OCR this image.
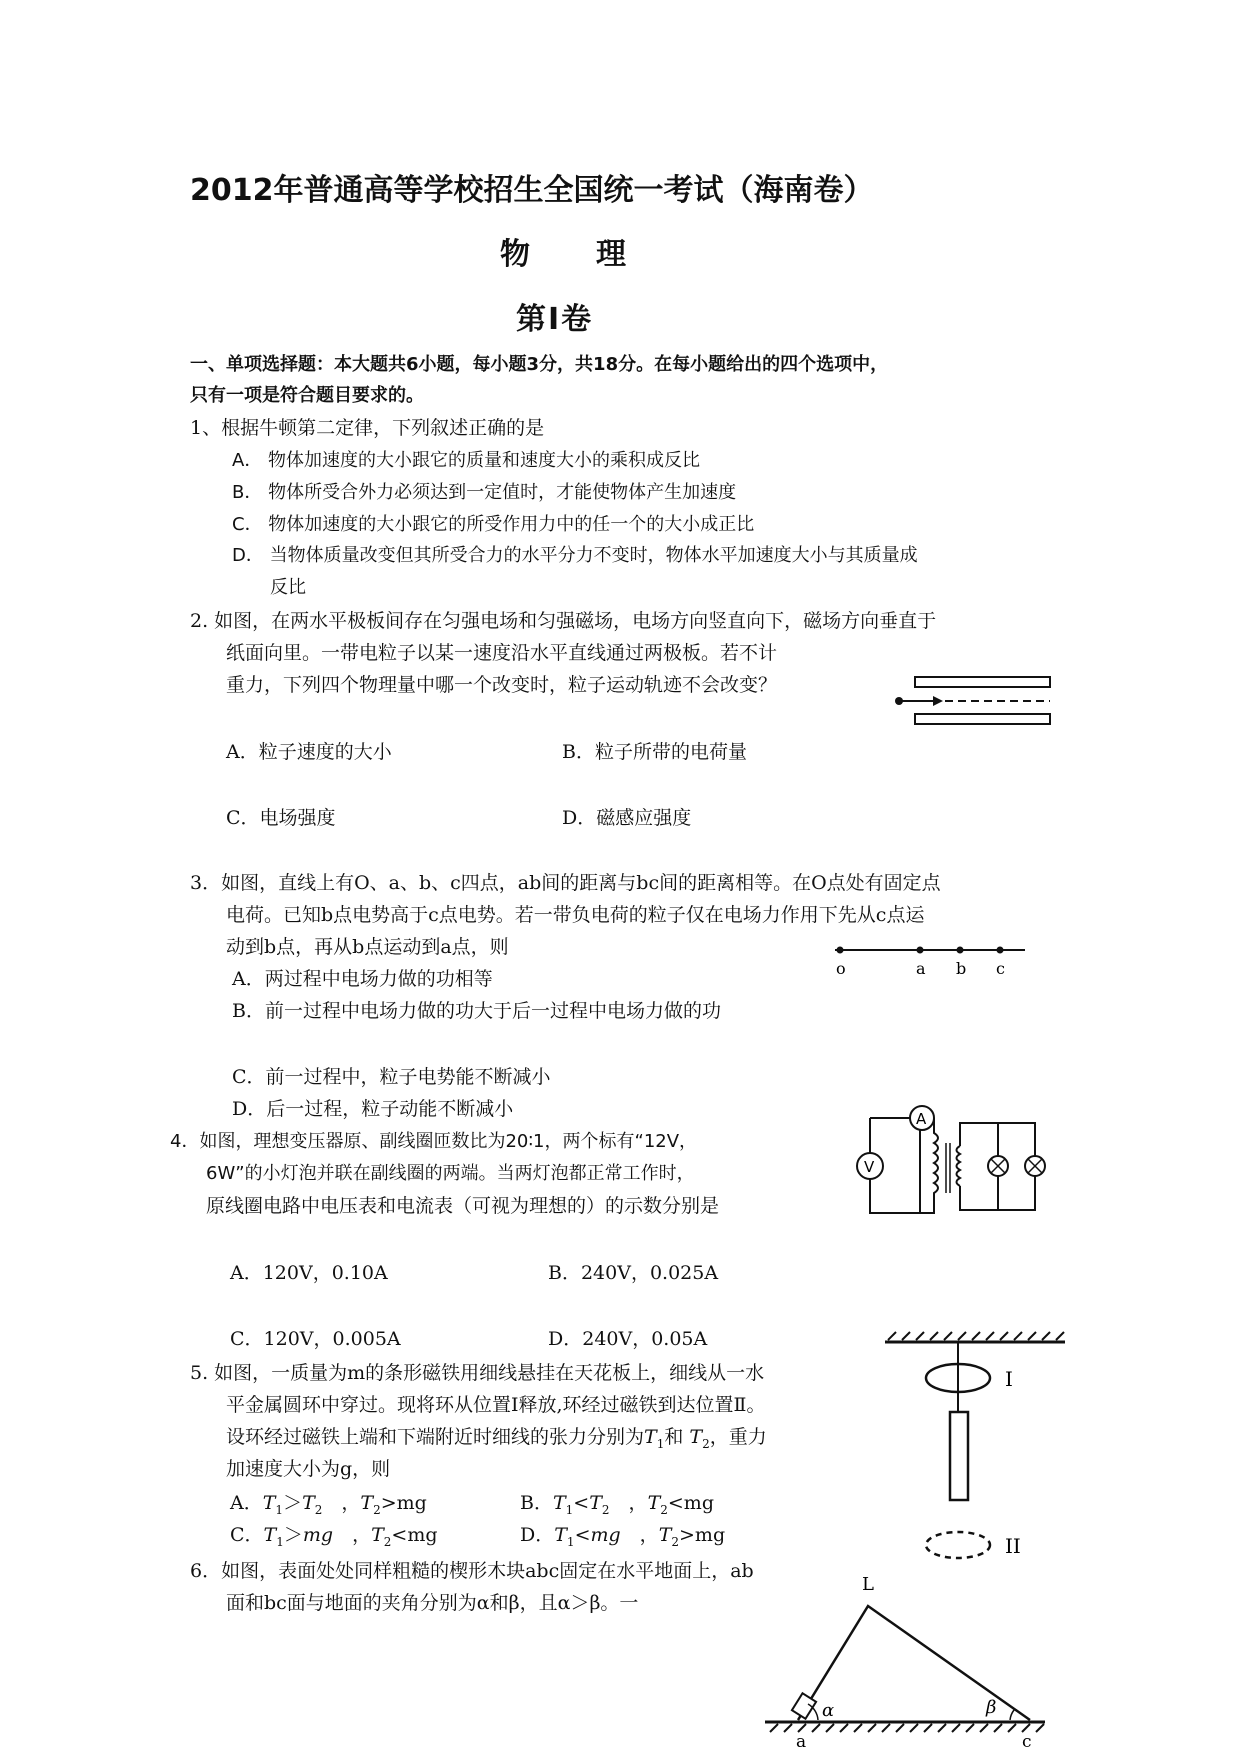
2012年普通高等学校招生全国统一考试（海南卷）
物　　理
第Ⅰ卷
一、单项选择题：本大题共6小题，每小题3分，共18分。在每小题给出的四个选项中，
只有一项是符合题目要求的。
1、根据牛顿第二定律，下列叙述正确的是
A． 物体加速度的大小跟它的质量和速度大小的乘积成反比
B． 物体所受合外力必须达到一定值时，才能使物体产生加速度
C． 物体加速度的大小跟它的所受作用力中的任一个的大小成正比
D． 当物体质量改变但其所受合力的水平分力不变时，物体水平加速度大小与其质量成
反比
2. 如图，在两水平极板间存在匀强电场和匀强磁场，电场方向竖直向下，磁场方向垂直于
纸面向里。一带电粒子以某一速度沿水平直线通过两极板。若不计
重力，下列四个物理量中哪一个改变时，粒子运动轨迹不会改变？
A．粒子速度的大小	B．粒子所带的电荷量
C．电场强度	D．磁感应强度
3．如图，直线上有O、a、b、c四点，ab间的距离与bc间的距离相等。在O点处有固定点
电荷。已知b点电势高于c点电势。若一带负电荷的粒子仅在电场力作用下先从c点运
动到b点，再从b点运动到a点，则
A．两过程中电场力做的功相等
B．前一过程中电场力做的功大于后一过程中电场力做的功
C．前一过程中，粒子电势能不断减小
D．后一过程，粒子动能不断减小
o	a b c
4．如图，理想变压器原、副线圈匝数比为20∶1，两个标有“12V，
6W”的小灯泡并联在副线圈的两端。当两灯泡都正常工作时，
原线圈电路中电压表和电流表（可视为理想的）的示数分别是
A．120V，0.10A	B．240V，0.025A
C．120V，0.005A	D．240V，0.05A
A
V
5. 如图，一质量为m的条形磁铁用细线悬挂在天花板上，细线从一水
平金属圆环中穿过。现将环从位置Ⅰ释放,环经过磁铁到达位置Ⅱ。
设环经过磁铁上端和下端附近时细线的张力分别为$T_1$和 $T_2$，重力
加速度大小为g，则
A．$T_1>T_2$　，$T_2>mg$	B．$T_1<T_2$　，$T_2<mg$
C．$T_1>mg$　，$T_2<mg$	D．$T_1<mg$　，$T_2>mg$
I
II
6．如图，表面处处同样粗糙的楔形木块abc固定在水平地面上，ab
面和bc面与地面的夹角分别为α和β，且α＞β。一
L
α	β
a	c
